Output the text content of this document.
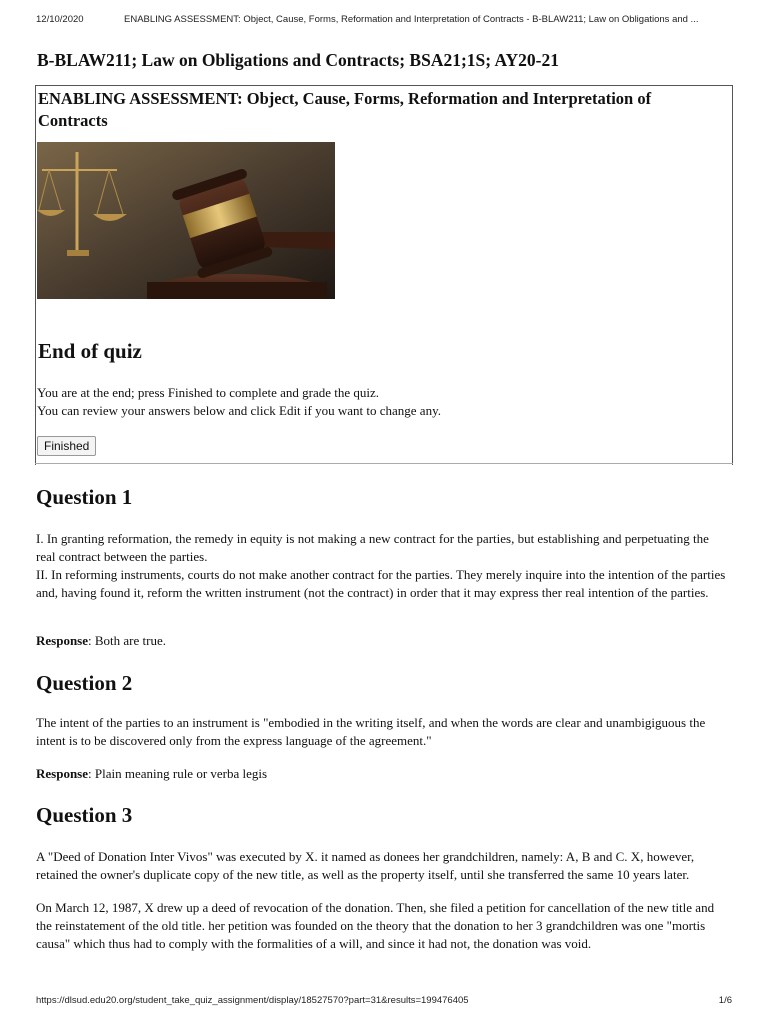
12/10/2020	ENABLING ASSESSMENT: Object, Cause, Forms, Reformation and Interpretation of Contracts - B-BLAW211; Law on Obligations and ...
B-BLAW211; Law on Obligations and Contracts; BSA21;1S; AY20-21
ENABLING ASSESSMENT: Object, Cause, Forms, Reformation and Interpretation of Contracts
End of quiz
You are at the end; press Finished to complete and grade the quiz.
You can review your answers below and click Edit if you want to change any.
Finished
Question 1

I. In granting reformation, the remedy in equity is not making a new contract for the parties, but establishing and perpetuating the real contract between the parties.

II. In reforming instruments, courts do not make another contract for the parties. They merely inquire into the intention of the parties and, having found it, reform the written instrument (not the contract) in order that it may express ther real intention of the parties.

Response: Both are true.
Question 2

The intent of the parties to an instrument is "embodied in the writing itself, and when the words are clear and unambigiguous the intent is to be discovered only from the express language of the agreement."

Response: Plain meaning rule or verba legis
Question 3

A "Deed of Donation Inter Vivos" was executed by X. it named as donees her grandchildren, namely: A, B and C. X, however, retained the owner's duplicate copy of the new title, as well as the property itself, until she transferred the same 10 years later.

On March 12, 1987, X drew up a deed of revocation of the donation. Then, she filed a petition for cancellation of the new title and the reinstatement of the old title. her petition was founded on the theory that the donation to her 3 grandchildren was one "mortis causa" which thus had to comply with the formalities of a will, and since it had not, the donation was void.

https://dlsud.edu20.org/student_take_quiz_assignment/display/18527570?part=31&results=199476405	1/6
